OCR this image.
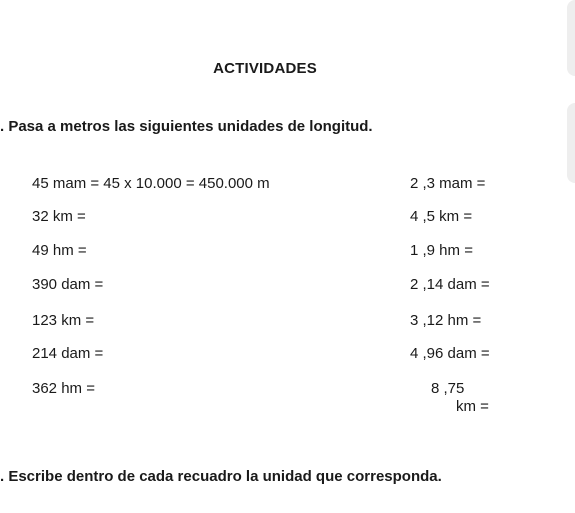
ACTIVIDADES
. Pasa a metros las siguientes unidades de longitud.
45 mam = 45 x 10.000 = 450.000 m
32 km =
49 hm =
390 dam =
123 km =
214 dam =
362 hm =
2 ,3 mam =
4 ,5 km =
1 ,9 hm =
2 ,14 dam =
3 ,12 hm =
4 ,96 dam =
8 ,75
km =
. Escribe dentro de cada recuadro la unidad que corresponda.
